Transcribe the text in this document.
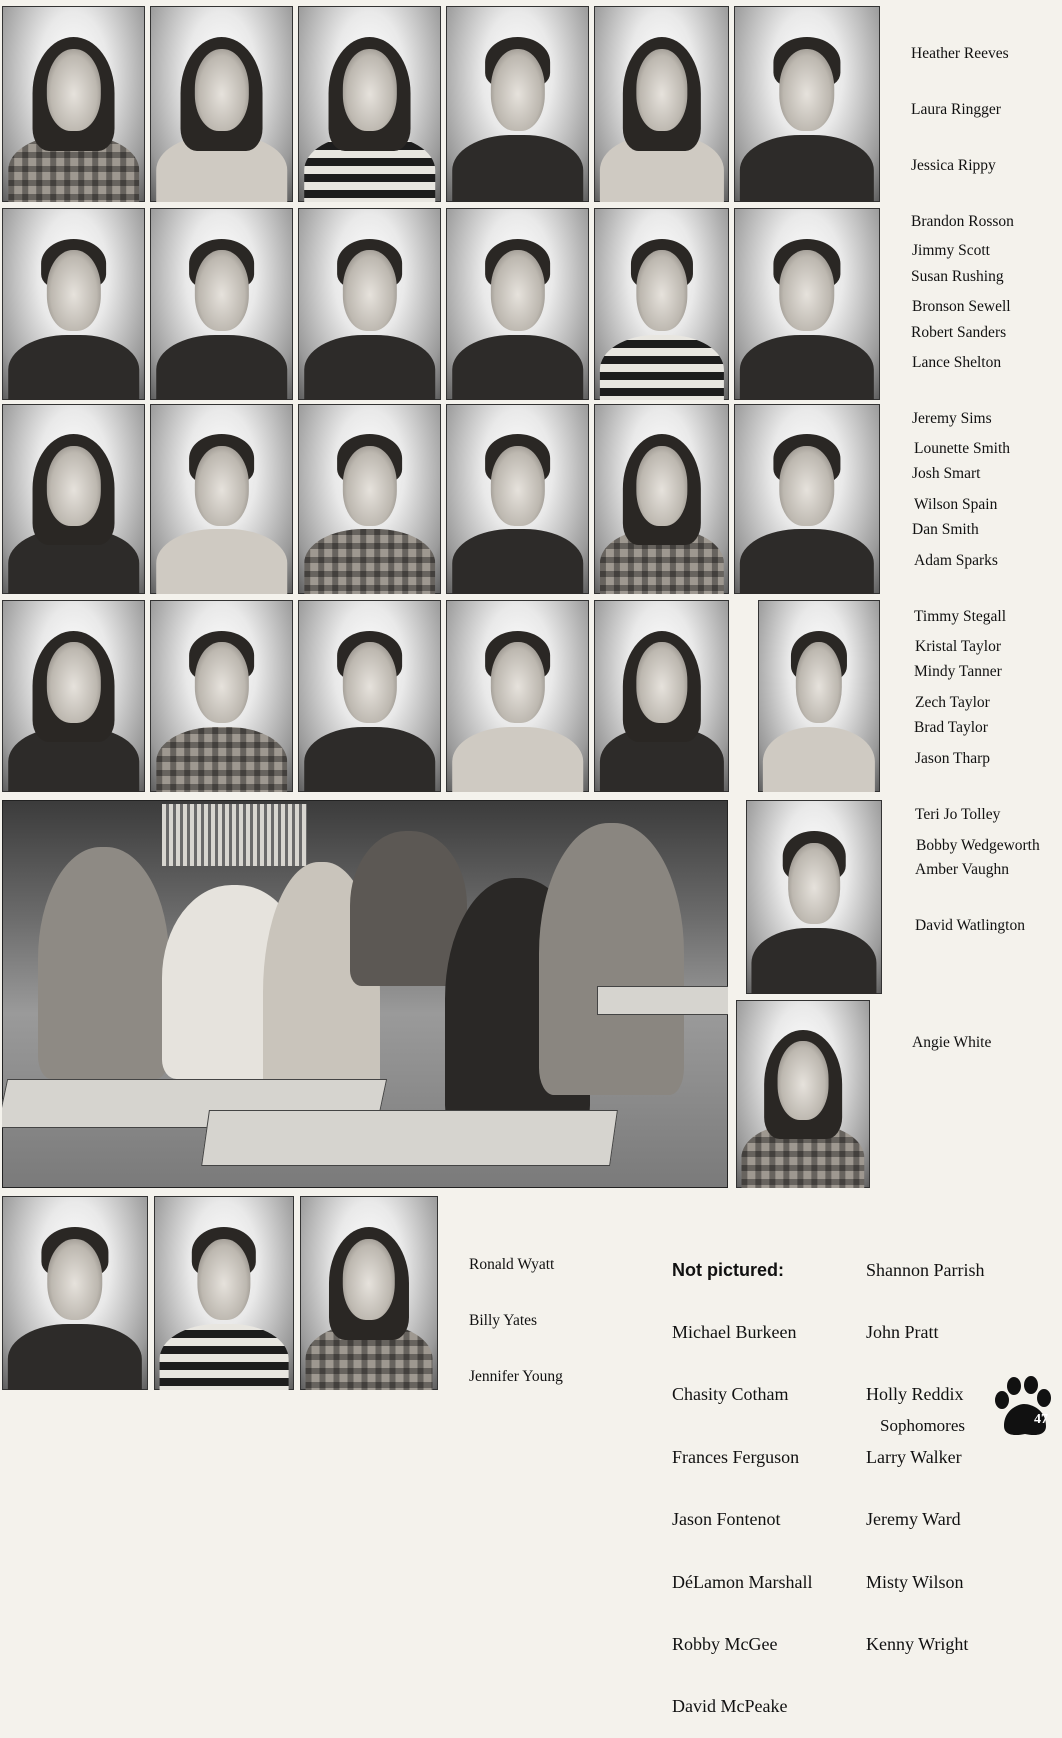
Heather Reeves

Laura Ringger

Jessica Rippy

Brandon Rosson

Susan Rushing

Robert Sanders

Jimmy Scott

Bronson Sewell

Lance Shelton

Jeremy Sims

Josh Smart

Dan Smith

Lounette Smith

Wilson Spain

Adam Sparks

Timmy Stegall

Mindy Tanner

Brad Taylor

Kristal Taylor

Zech Taylor

Jason Tharp

Teri Jo Tolley

Amber Vaughn

David Watlington

Bobby Wedgeworth

Angie White

Ronald Wyatt

Billy Yates

Jennifer Young

Not pictured:

Michael Burkeen

Chasity Cotham

Frances Ferguson

Jason Fontenot

DéLamon Marshall

Robby McGee

David McPeake

Shannon Parrish

John Pratt

Holly Reddix

Larry Walker

Jeremy Ward

Misty Wilson

Kenny Wright

Sophomores	47
